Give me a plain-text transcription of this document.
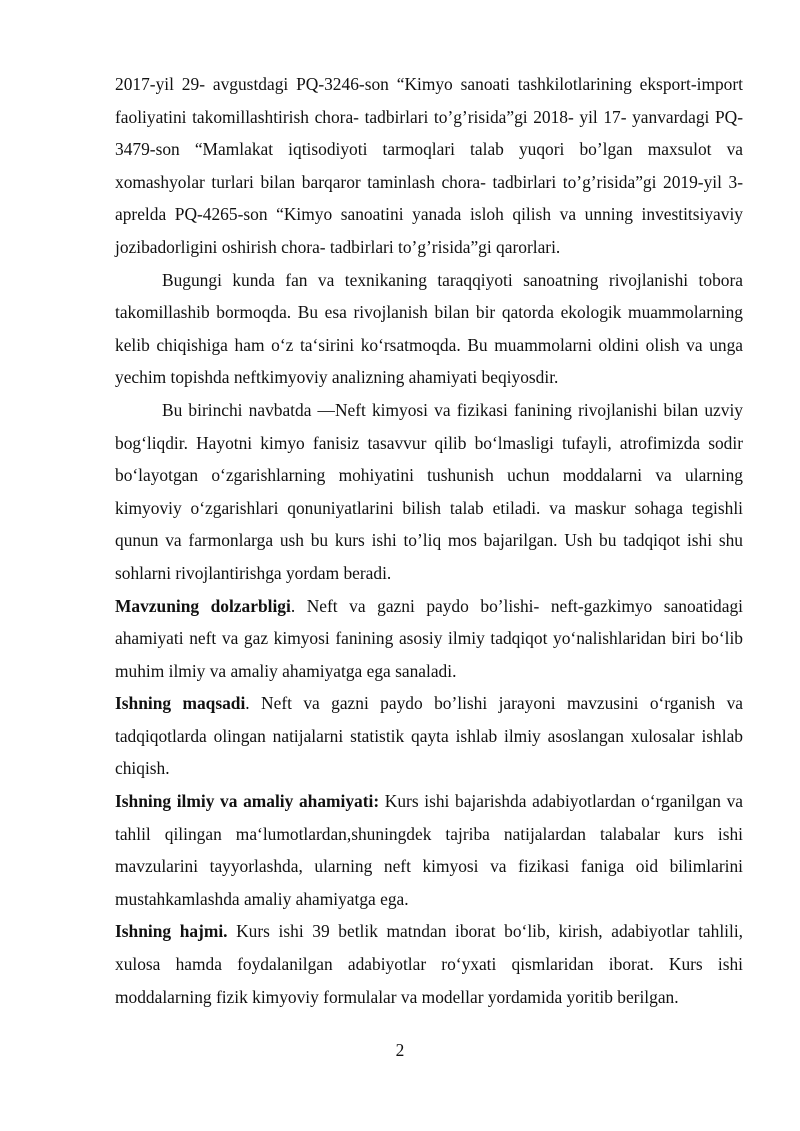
2017-yil 29- avgustdagi PQ-3246-son “Kimyo sanoati tashkilotlarining eksport-import faoliyatini takomillashtirish chora- tadbirlari to’g’risida”gi 2018- yil 17- yanvardagi PQ-3479-son “Mamlakat iqtisodiyoti tarmoqlari talab yuqori bo’lgan maxsulot va xomashyolar turlari bilan barqaror taminlash chora- tadbirlari to’g’risida”gi 2019-yil 3-aprelda PQ-4265-son “Kimyo sanoatini yanada isloh qilish va unning investitsiyaviy jozibadorligini oshirish chora- tadbirlari to’g’risida”gi qarorlari.

Bugungi kunda fan va texnikaning taraqqiyoti sanoatning rivojlanishi tobora takomillashib bormoqda. Bu esa rivojlanish bilan bir qatorda ekologik muammolarning kelib chiqishiga ham o‘z ta‘sirini ko‘rsatmoqda. Bu muammolarni oldini olish va unga yechim topishda neftkimyoviy analizning ahamiyati beqiyosdir.

Bu birinchi navbatda —Neft kimyosi va fizikasi fanining rivojlanishi bilan uzviy bog‘liqdir. Hayotni kimyo fanisiz tasavvur qilib bo‘lmasligi tufayli, atrofimizda sodir bo‘layotgan o‘zgarishlarning mohiyatini tushunish uchun moddalarni va ularning kimyoviy o‘zgarishlari qonuniyatlarini bilish talab etiladi. va maskur sohaga tegishli qunun va farmonlarga ush bu kurs ishi to’liq mos bajarilgan. Ush bu tadqiqot ishi shu sohlarni rivojlantirishga yordam beradi.

Mavzuning dolzarbligi. Neft va gazni paydo bo’lishi- neft-gazkimyo sanoatidagi ahamiyati neft va gaz kimyosi fanining asosiy ilmiy tadqiqot yo‘nalishlaridan biri bo‘lib muhim ilmiy va amaliy ahamiyatga ega sanaladi.

Ishning maqsadi. Neft va gazni paydo bo’lishi jarayoni mavzusini o‘rganish va tadqiqotlarda olingan natijalarni statistik qayta ishlab ilmiy asoslangan xulosalar ishlab chiqish.

Ishning ilmiy va amaliy ahamiyati: Kurs ishi bajarishda adabiyotlardan o‘rganilgan va tahlil qilingan ma‘lumotlardan,shuningdek tajriba natijalardan talabalar kurs ishi mavzularini tayyorlashda, ularning neft kimyosi va fizikasi faniga oid bilimlarini mustahkamlashda amaliy ahamiyatga ega.

Ishning hajmi. Kurs ishi 39 betlik matndan iborat bo‘lib, kirish, adabiyotlar tahlili, xulosa hamda foydalanilgan adabiyotlar ro‘yxati qismlaridan iborat. Kurs ishi moddalarning fizik kimyoviy formulalar va modellar yordamida yoritib berilgan.

2
